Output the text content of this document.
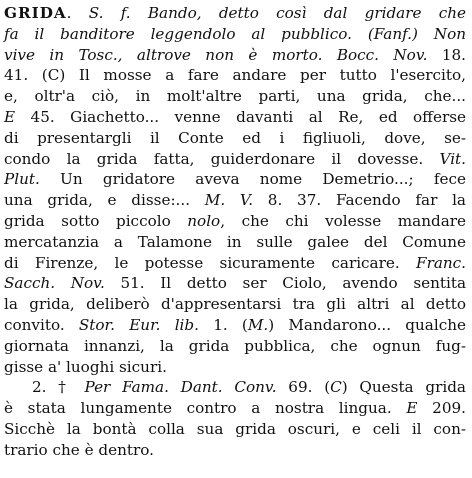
GRIDA. S. f. Bando, detto così dal gridare che
fa il banditore leggendolo al pubblico. (Fanf.) Non
vive in Tosc., altrove non è morto. Bocc. Nov. 18.
41. (C) Il mosse a fare andare per tutto l'esercito,
e, oltr'a ciò, in molt'altre parti, una grida, che...
E 45. Giachetto... venne davanti al Re, ed offerse
di presentargli il Conte ed i figliuoli, dove, se-
condo la grida fatta, guiderdonare il dovesse. Vit.
Plut. Un gridatore aveva nome Demetrio...; fece
una grida, e disse:... M. V. 8. 37. Facendo far la
grida sotto piccolo nolo, che chi volesse mandare
mercatanzia a Talamone in sulle galee del Comune
di Firenze, le potesse sicuramente caricare. Franc.
Sacch. Nov. 51. Il detto ser Ciolo, avendo sentita
la grida, deliberò d'appresentarsi tra gli altri al detto
convito. Stor. Eur. lib. 1. (M.) Mandarono... qualche
giornata innanzi, la grida pubblica, che ognun fug-
gisse a' luoghi sicuri.
2. † Per Fama. Dant. Conv. 69. (C) Questa grida
è stata lungamente contro a nostra lingua. E 209.
Sicchè la bontà colla sua grida oscuri, e celi il con-
trario che è dentro.
